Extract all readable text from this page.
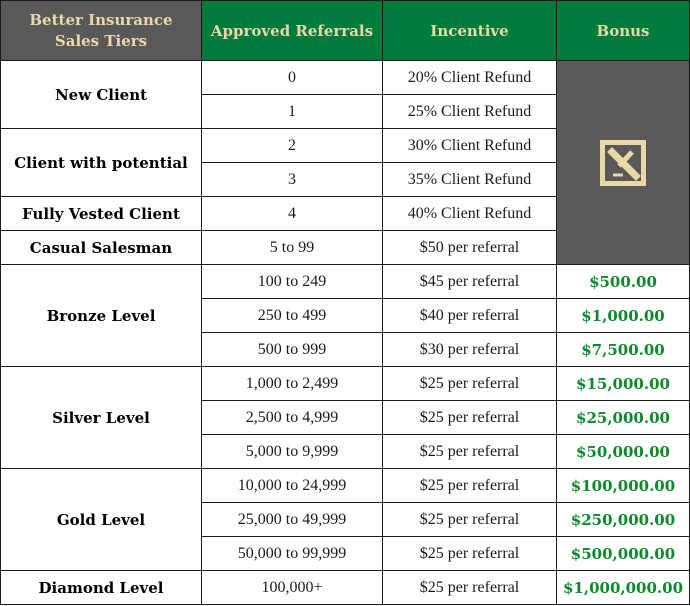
Better Insurance Sales Tiers	Approved Referrals	Incentive	Bonus
New Client	0	20% Client Refund	
	1	25% Client Refund	
Client with potential	2	30% Client Refund	
	3	35% Client Refund	
Fully Vested Client	4	40% Client Refund	
Casual Salesman	5 to 99	$50 per referral	
Bronze Level	100 to 249	$45 per referral	$500.00
	250 to 499	$40 per referral	$1,000.00
	500 to 999	$30 per referral	$7,500.00
Silver Level	1,000 to 2,499	$25 per referral	$15,000.00
	2,500 to 4,999	$25 per referral	$25,000.00
	5,000 to 9,999	$25 per referral	$50,000.00
Gold Level	10,000 to 24,999	$25 per referral	$100,000.00
	25,000 to 49,999	$25 per referral	$250,000.00
	50,000 to 99,999	$25 per referral	$500,000.00
Diamond Level	100,000+	$25 per referral	$1,000,000.00
